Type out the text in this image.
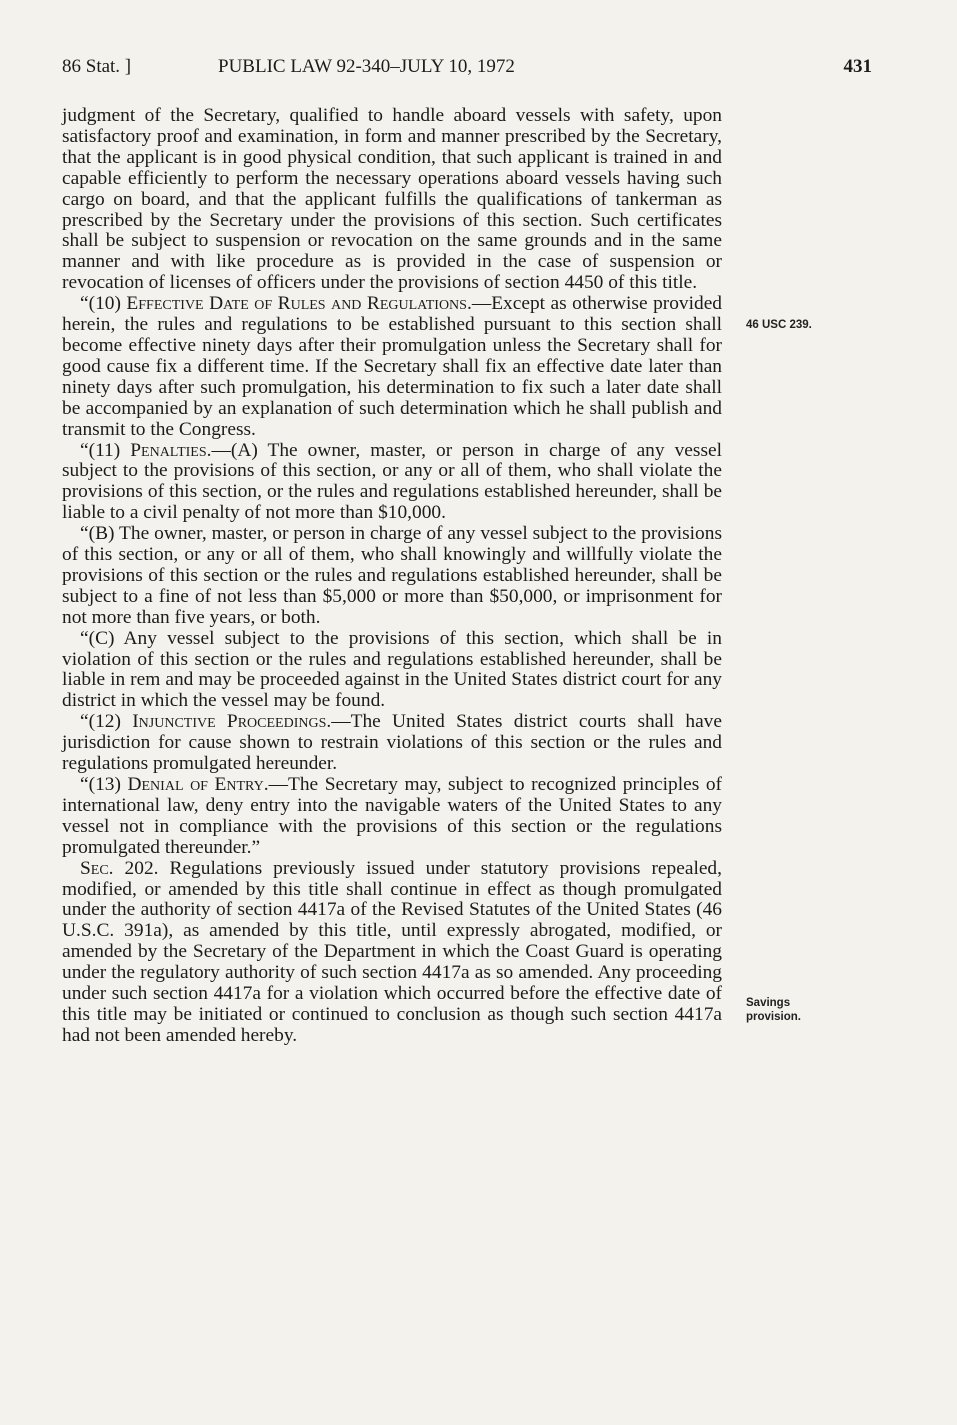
86 Stat. ]	PUBLIC LAW 92-340–JULY 10, 1972	431

judgment of the Secretary, qualified to handle aboard vessels with safety, upon satisfactory proof and examination, in form and manner prescribed by the Secretary, that the applicant is in good physical condition, that such applicant is trained in and capable efficiently to perform the necessary operations aboard vessels having such cargo on board, and that the applicant fulfills the qualifications of tankerman as prescribed by the Secretary under the provisions of this section. Such certificates shall be subject to suspension or revocation on the same grounds and in the same manner and with like procedure as is provided in the case of suspension or revocation of licenses of officers under the provisions of section 4450 of this title.

“(10) Effective Date of Rules and Regulations.—Except as otherwise provided herein, the rules and regulations to be established pursuant to this section shall become effective ninety days after their promulgation unless the Secretary shall for good cause fix a different time. If the Secretary shall fix an effective date later than ninety days after such promulgation, his determination to fix such a later date shall be accompanied by an explanation of such determination which he shall publish and transmit to the Congress.

“(11) Penalties.—(A) The owner, master, or person in charge of any vessel subject to the provisions of this section, or any or all of them, who shall violate the provisions of this section, or the rules and regulations established hereunder, shall be liable to a civil penalty of not more than $10,000.

“(B) The owner, master, or person in charge of any vessel subject to the provisions of this section, or any or all of them, who shall knowingly and willfully violate the provisions of this section or the rules and regulations established hereunder, shall be subject to a fine of not less than $5,000 or more than $50,000, or imprisonment for not more than five years, or both.

“(C) Any vessel subject to the provisions of this section, which shall be in violation of this section or the rules and regulations established hereunder, shall be liable in rem and may be proceeded against in the United States district court for any district in which the vessel may be found.

“(12) Injunctive Proceedings.—The United States district courts shall have jurisdiction for cause shown to restrain violations of this section or the rules and regulations promulgated hereunder.

“(13) Denial of Entry.—The Secretary may, subject to recognized principles of international law, deny entry into the navigable waters of the United States to any vessel not in compliance with the provisions of this section or the regulations promulgated thereunder.”

Sec. 202. Regulations previously issued under statutory provisions repealed, modified, or amended by this title shall continue in effect as though promulgated under the authority of section 4417a of the Revised Statutes of the United States (46 U.S.C. 391a), as amended by this title, until expressly abrogated, modified, or amended by the Secretary of the Department in which the Coast Guard is operating under the regulatory authority of such section 4417a as so amended. Any proceeding under such section 4417a for a violation which occurred before the effective date of this title may be initiated or continued to conclusion as though such section 4417a had not been amended hereby.

46 USC 239.
Savings provision.
